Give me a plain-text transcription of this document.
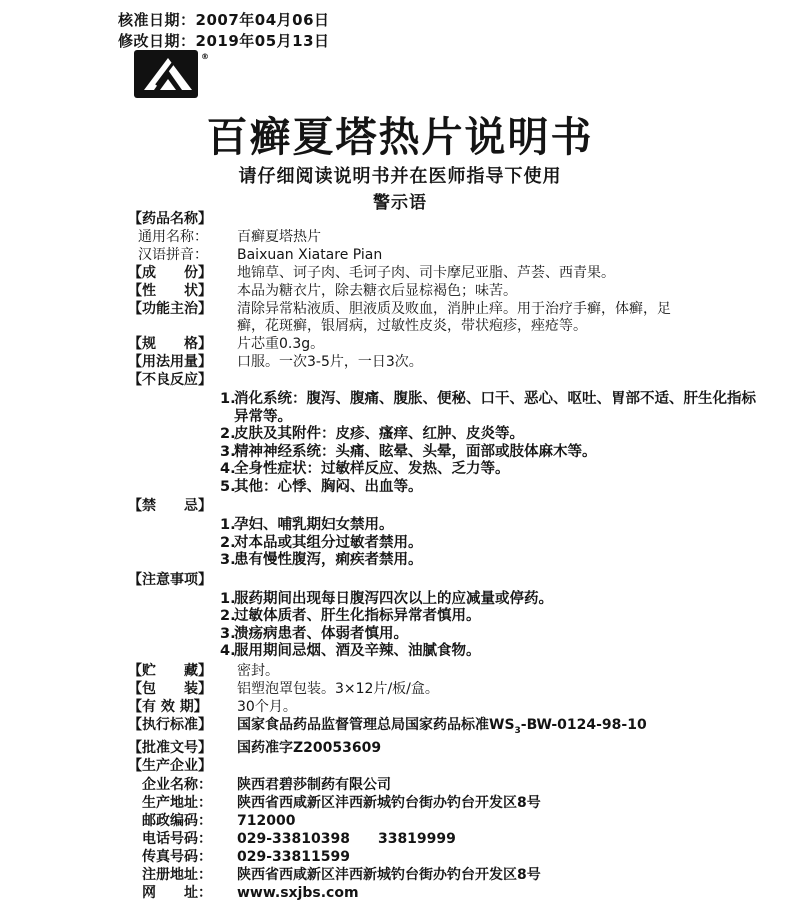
核准日期：2007年04月06日
修改日期：2019年05月13日
®
百癣夏塔热片说明书
请仔细阅读说明书并在医师指导下使用
警示语
【药品名称】
通用名称：	百癣夏塔热片
汉语拼音：	Baixuan Xiatare Pian
【成　　份】	地锦草、诃子肉、毛诃子肉、司卡摩尼亚脂、芦荟、西青果。
【性　　状】	本品为糖衣片，除去糖衣后显棕褐色；味苦。
【功能主治】	清除异常粘液质、胆液质及败血，消肿止痒。用于治疗手癣，体癣，足癣，花斑癣，银屑病，过敏性皮炎，带状疱疹，痤疮等。
【规　　格】	片芯重0.3g。
【用法用量】	口服。一次3-5片，一日3次。
【不良反应】
1.
消化系统：腹泻、腹痛、腹胀、便秘、口干、恶心、呕吐、胃部不适、肝生化指标异常等。
2.
皮肤及其附件：皮疹、瘙痒、红肿、皮炎等。
3.
精神神经系统：头痛、眩晕、头晕，面部或肢体麻木等。
4.
全身性症状：过敏样反应、发热、乏力等。
5.
其他：心悸、胸闷、出血等。
【禁　　忌】
1.
孕妇、哺乳期妇女禁用。
2.
对本品或其组分过敏者禁用。
3.
患有慢性腹泻，痢疾者禁用。
【注意事项】
1.
服药期间出现每日腹泻四次以上的应减量或停药。
2.
过敏体质者、肝生化指标异常者慎用。
3.
溃疡病患者、体弱者慎用。
4.
服用期间忌烟、酒及辛辣、油腻食物。
【贮　　藏】	密封。
【包　　装】	铝塑泡罩包装。3×12片/板/盒。
【有 效 期】	30个月。
【执行标准】	国家食品药品监督管理总局国家药品标准$WS_3-BW-0124-98-10$
【批准文号】	国药准字Z20053609
【生产企业】
企业名称：	陕西君碧莎制药有限公司
生产地址：	陕西省西咸新区沣西新城钓台街办钓台开发区8号
邮政编码：	712000
电话号码：	029-33810398　　33819999
传真号码：	029-33811599
注册地址：	陕西省西咸新区沣西新城钓台街办钓台开发区8号
网　　址：	www.sxjbs.com
